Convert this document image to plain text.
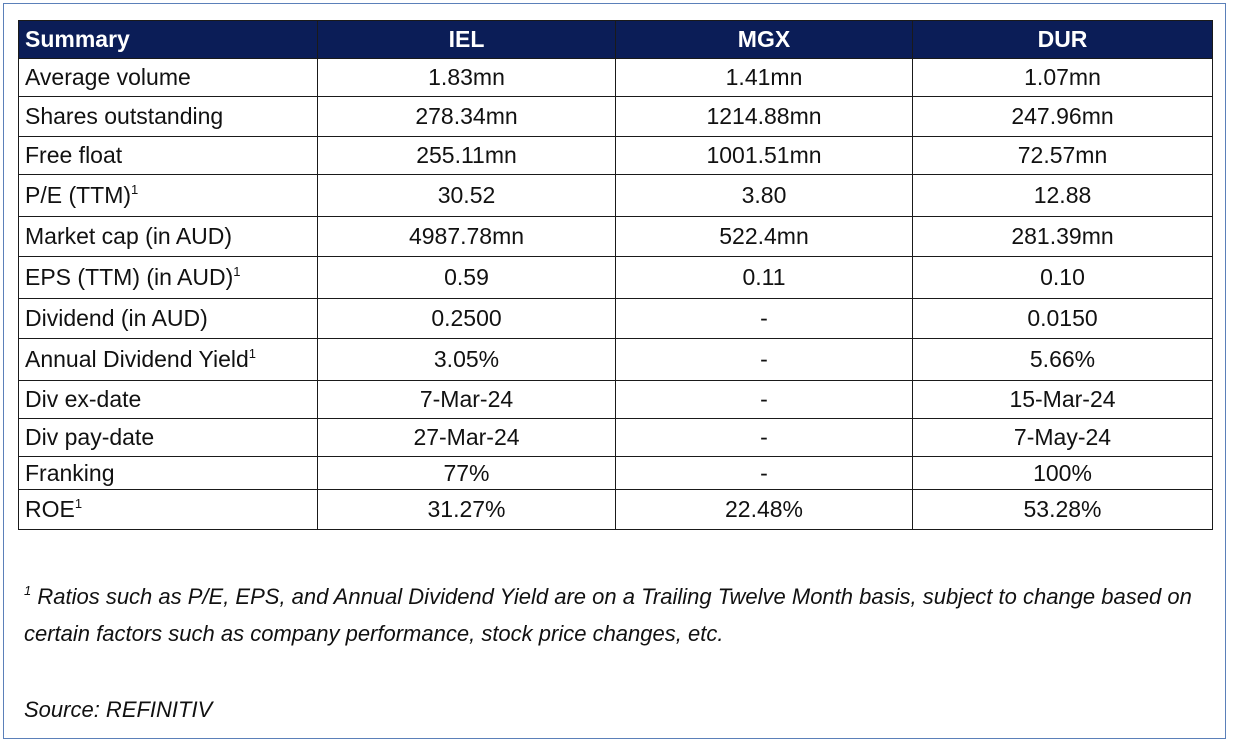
Summary	IEL	MGX	DUR
Average volume	1.83mn	1.41mn	1.07mn
Shares outstanding	278.34mn	1214.88mn	247.96mn
Free float	255.11mn	1001.51mn	72.57mn
P/E (TTM)$^1$	30.52	3.80	12.88
Market cap (in AUD)	4987.78mn	522.4mn	281.39mn
EPS (TTM) (in AUD)$^1$	0.59	0.11	0.10
Dividend (in AUD)	0.2500	-	0.0150
Annual Dividend Yield$^1$	3.05%	-	5.66%
Div ex-date	7-Mar-24	-	15-Mar-24
Div pay-date	27-Mar-24	-	7-May-24
Franking	77%	-	100%
ROE$^1$	31.27%	22.48%	53.28%
$^1$ Ratios such as P/E, EPS, and Annual Dividend Yield are on a Trailing Twelve Month basis, subject to change based on certain factors such as company performance, stock price changes, etc.
Source: REFINITIV
